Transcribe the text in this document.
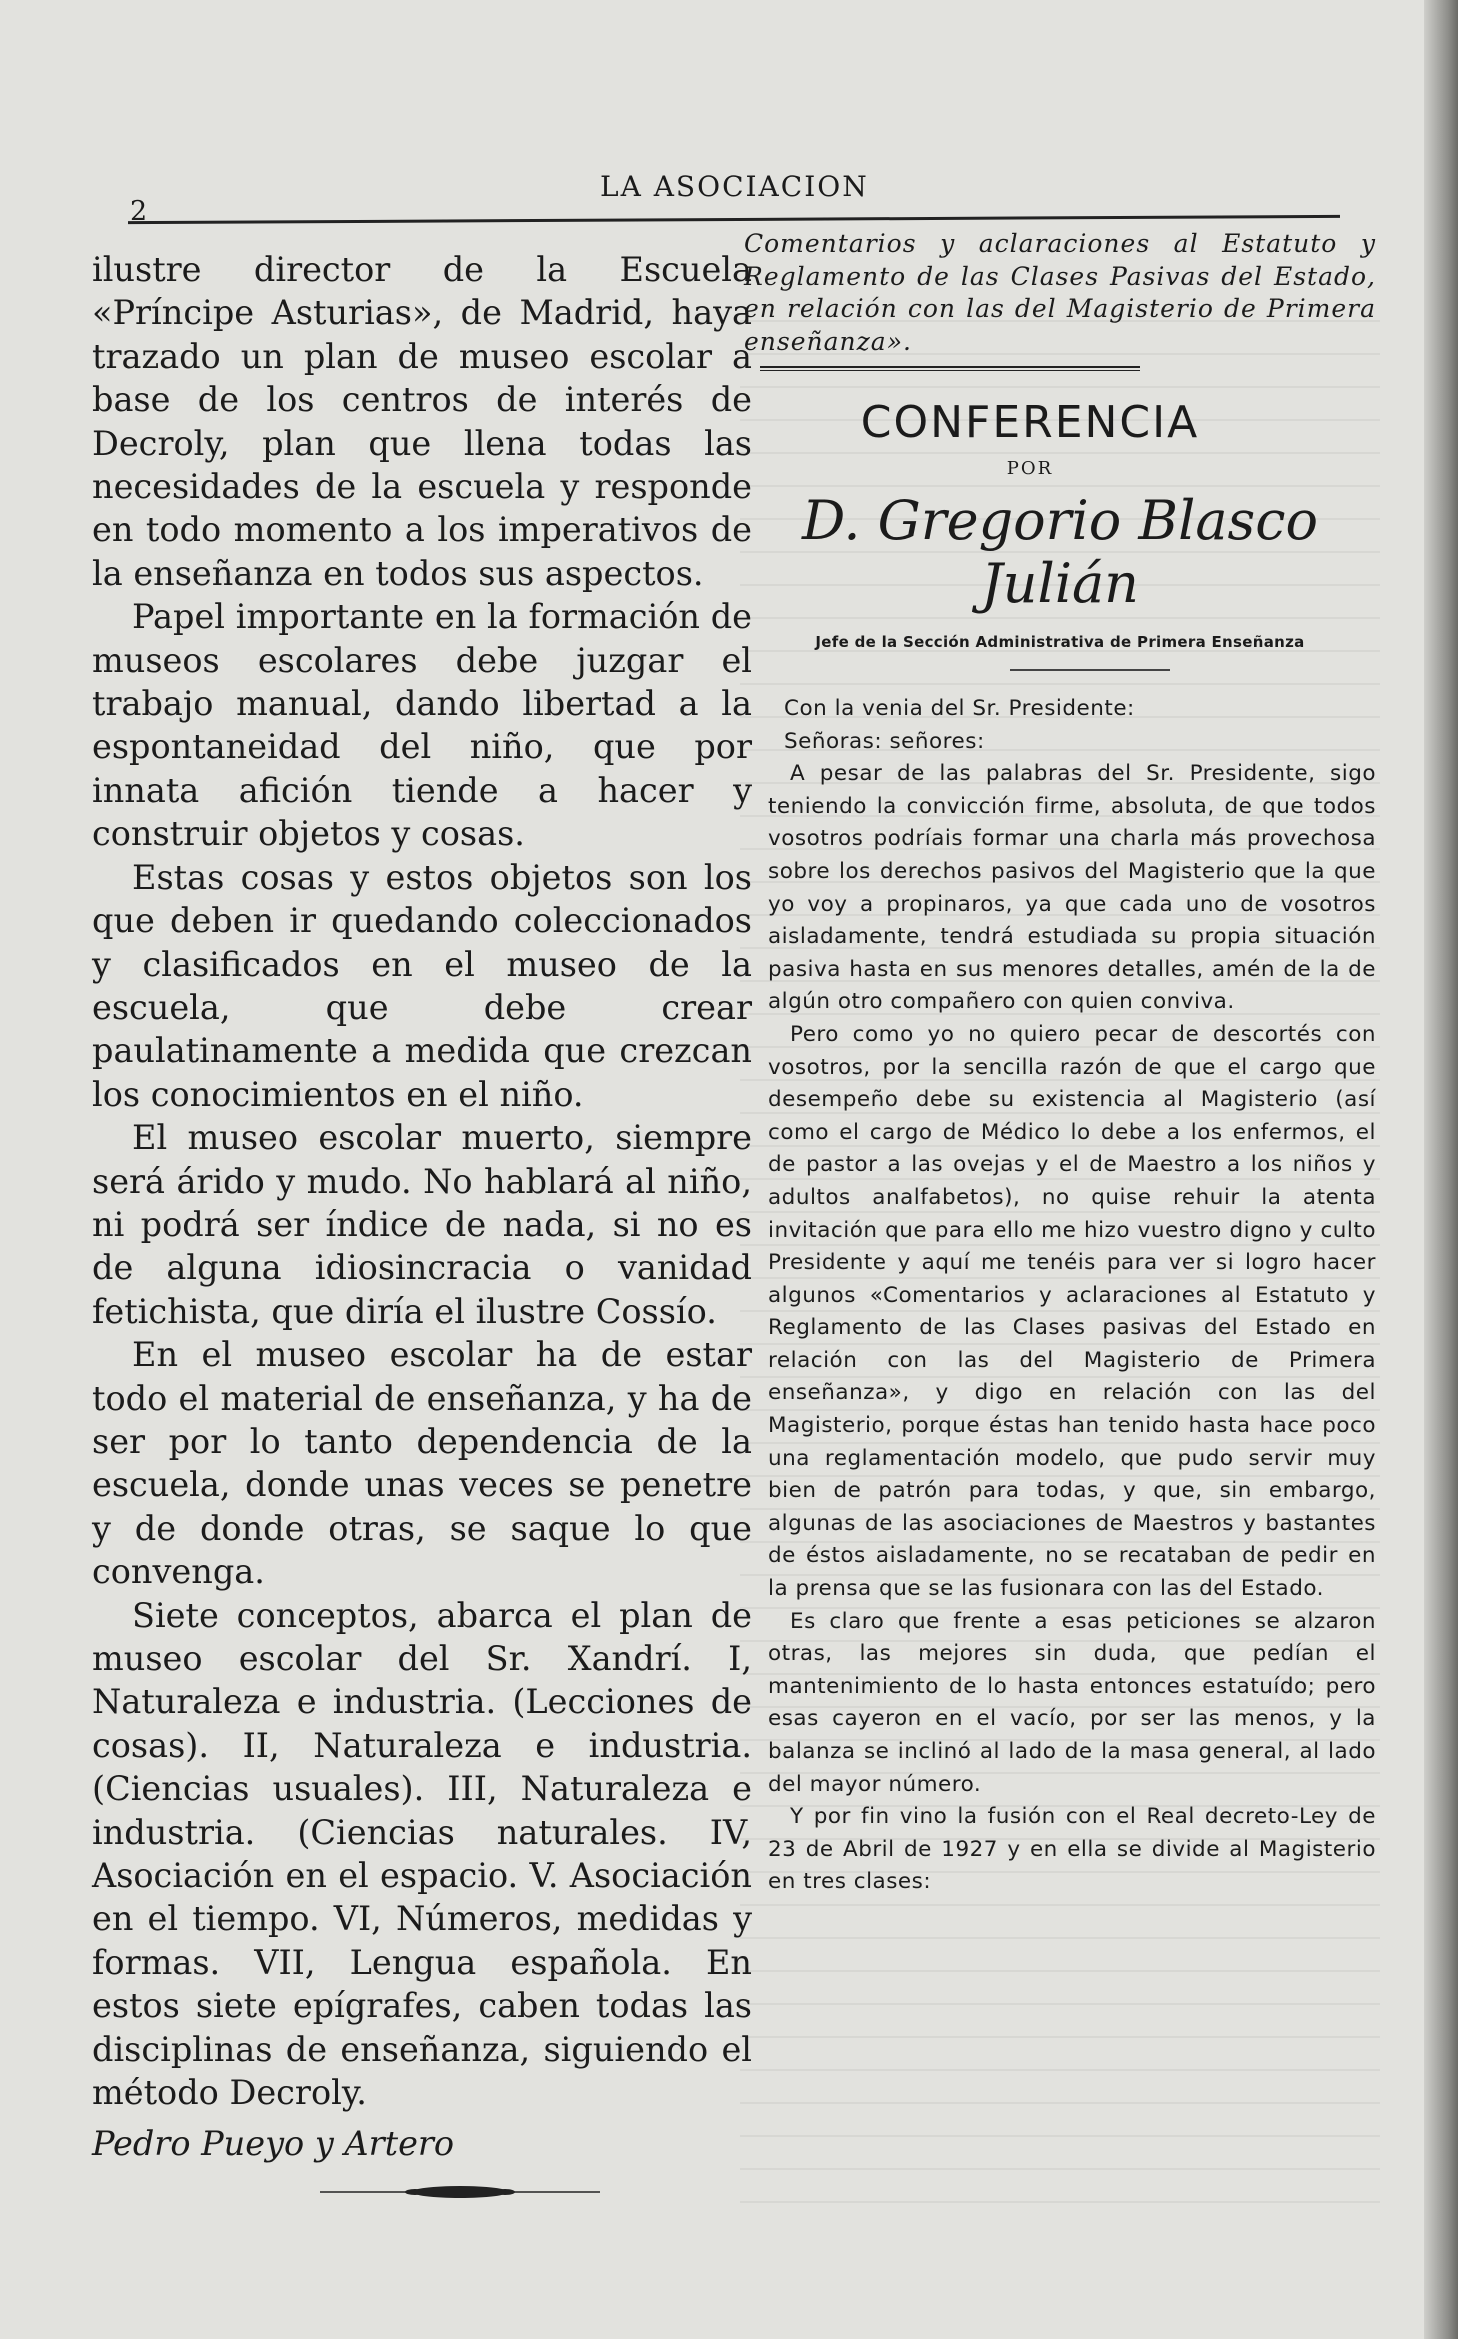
2
LA ASOCIACION

ilustre director de la Escuela «Príncipe Asturias», de Madrid, haya trazado un plan de museo escolar a base de los centros de interés de Decroly, plan que llena todas las necesidades de la escuela y responde en todo momento a los imperativos de la enseñanza en todos sus aspectos.

Papel importante en la formación de museos escolares debe juzgar el trabajo manual, dando libertad a la espontaneidad del niño, que por innata afición tiende a hacer y construir objetos y cosas.

Estas cosas y estos objetos son los que deben ir quedando coleccionados y clasificados en el museo de la escuela, que debe crear paulatinamente a medida que crezcan los conocimientos en el niño.

El museo escolar muerto, siempre será árido y mudo. No hablará al niño, ni podrá ser índice de nada, si no es de alguna idiosincracia o vanidad fetichista, que diría el ilustre Cossío.

En el museo escolar ha de estar todo el material de enseñanza, y ha de ser por lo tanto dependencia de la escuela, donde unas veces se penetre y de donde otras, se saque lo que convenga.

Siete conceptos, abarca el plan de museo escolar del Sr. Xandrí. I, Naturaleza e industria. (Lecciones de cosas). II, Naturaleza e industria. (Ciencias usuales). III, Naturaleza e industria. (Ciencias naturales. IV, Asociación en el espacio. V. Asociación en el tiempo. VI, Números, medidas y formas. VII, Lengua española. En estos siete epígrafes, caben todas las disciplinas de enseñanza, siguiendo el método Decroly.

Pedro Pueyo y Artero

Comentarios y aclaraciones al Estatuto y Reglamento de las Clases Pasivas del Estado, en relación con las del Magisterio de Primera enseñanza».

CONFERENCIA
POR
D. Gregorio Blasco Julián
Jefe de la Sección Administrativa de Primera Enseñanza

Con la venia del Sr. Presidente:

Señoras: señores:

A pesar de las palabras del Sr. Presidente, sigo teniendo la convicción firme, absoluta, de que todos vosotros podríais formar una charla más provechosa sobre los derechos pasivos del Magisterio que la que yo voy a propinaros, ya que cada uno de vosotros aisladamente, tendrá estudiada su propia situación pasiva hasta en sus menores detalles, amén de la de algún otro compañero con quien conviva.

Pero como yo no quiero pecar de descortés con vosotros, por la sencilla razón de que el cargo que desempeño debe su existencia al Magisterio (así como el cargo de Médico lo debe a los enfermos, el de pastor a las ovejas y el de Maestro a los niños y adultos analfabetos), no quise rehuir la atenta invitación que para ello me hizo vuestro digno y culto Presidente y aquí me tenéis para ver si logro hacer algunos «Comentarios y aclaraciones al Estatuto y Reglamento de las Clases pasivas del Estado en relación con las del Magisterio de Primera enseñanza», y digo en relación con las del Magisterio, porque éstas han tenido hasta hace poco una reglamentación modelo, que pudo servir muy bien de patrón para todas, y que, sin embargo, algunas de las asociaciones de Maestros y bastantes de éstos aisladamente, no se recataban de pedir en la prensa que se las fusionara con las del Estado.

Es claro que frente a esas peticiones se alzaron otras, las mejores sin duda, que pedían el mantenimiento de lo hasta entonces estatuído; pero esas cayeron en el vacío, por ser las menos, y la balanza se inclinó al lado de la masa general, al lado del mayor número.

Y por fin vino la fusión con el Real decreto-Ley de 23 de Abril de 1927 y en ella se divide al Magisterio en tres clases:
